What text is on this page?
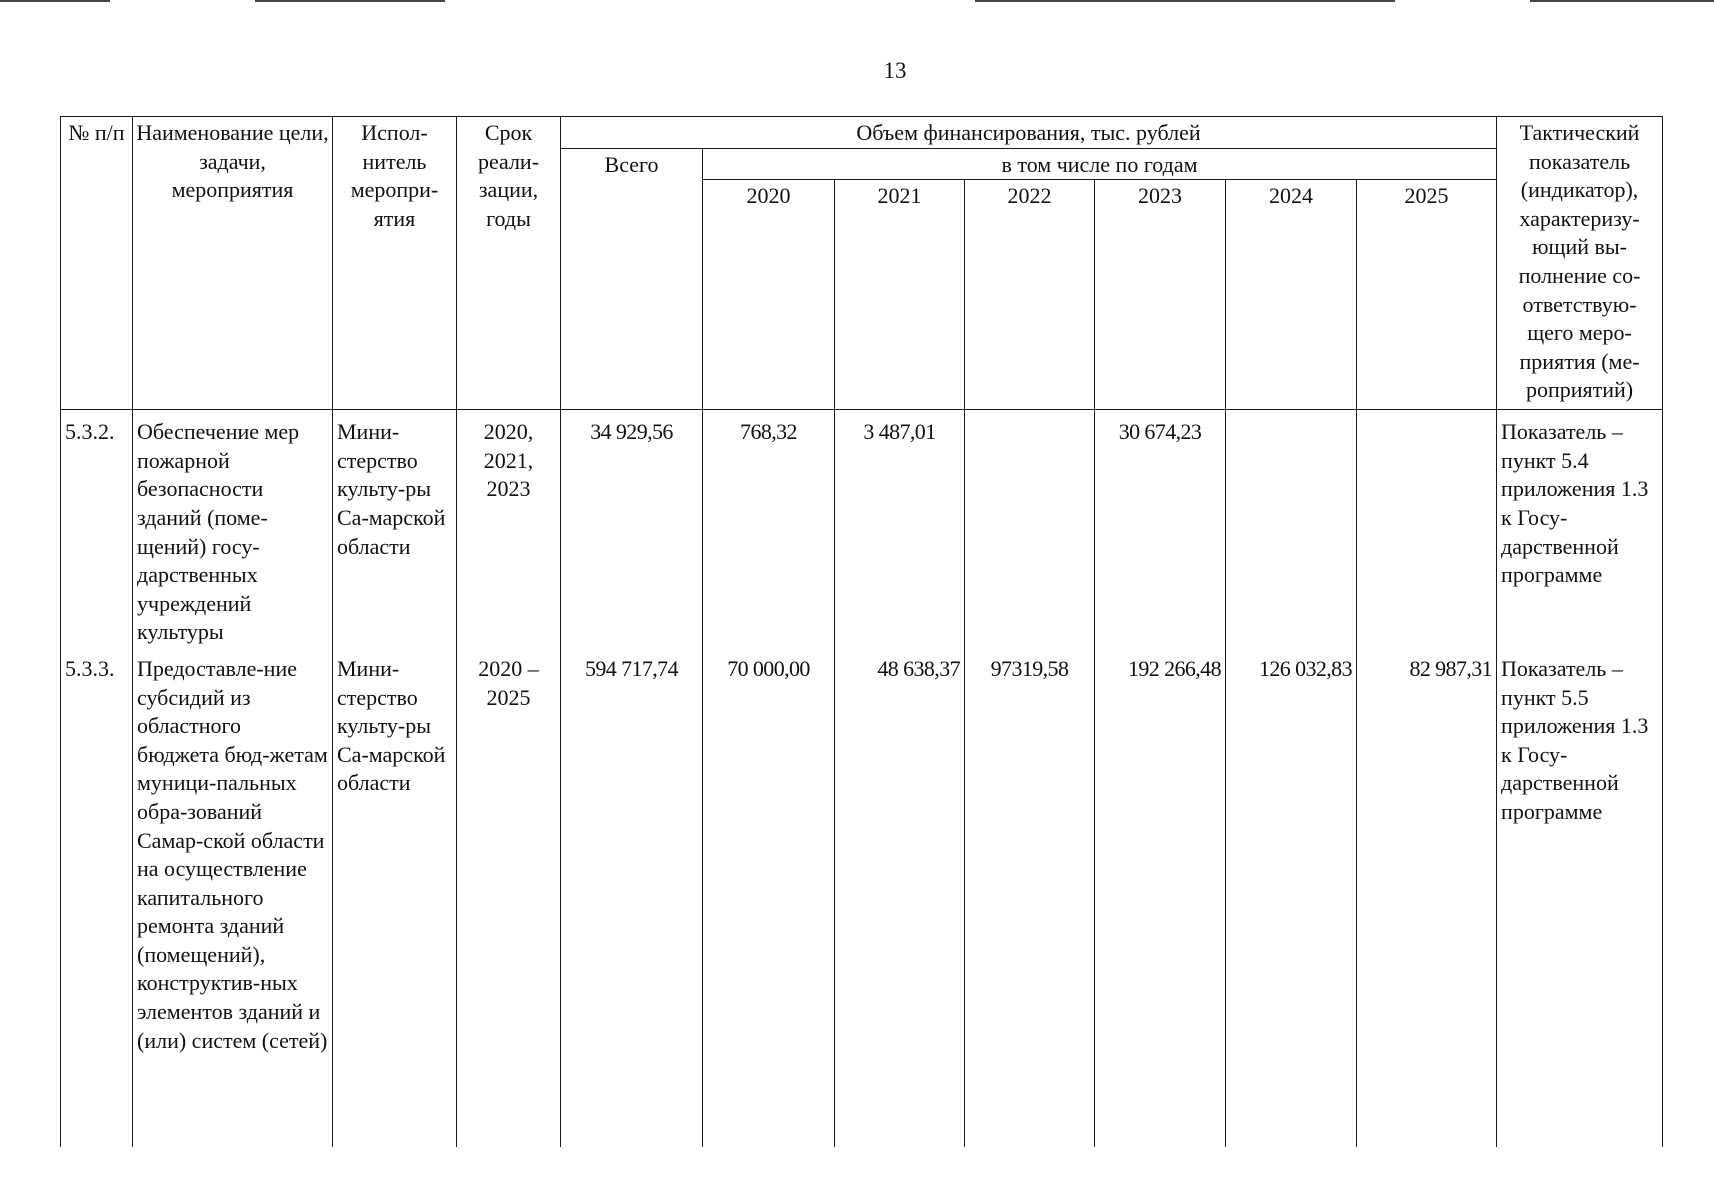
13
№ п/п	Наименование цели, задачи, мероприятия	Испол-нитель меропри-ятия	Срок реали-зации, годы	Объем финансирования, тыс. рублей							Тактический показатель (индикатор), характеризу-ющий вы-полнение со-ответствую-щего меро-приятия (ме-роприятий)
				Всего	в том числе по годам						
					2020	2021	2022	2023	2024	2025	
5.3.2.	Обеспечение мер пожарной безопасности зданий (поме-щений) госу-дарственных учреждений культуры	Мини-стерство культу-ры Са-марской области	2020, 2021, 2023	34 929,56	768,32	3 487,01		30 674,23			Показатель – пункт 5.4 приложения 1.3 к Госу-дарственной программе
5.3.3.	Предоставле-ние субсидий из областного бюджета бюд-жетам муници-пальных обра-зований Самар-ской области на осуществление капитального ремонта зданий (помещений), конструктив-ных элементов зданий и (или) систем (сетей)	Мини-стерство культу-ры Са-марской области	2020 – 2025	594 717,74	70 000,00	48 638,37	97319,58	192 266,48	126 032,83	82 987,31	Показатель – пункт 5.5 приложения 1.3 к Госу-дарственной программе
